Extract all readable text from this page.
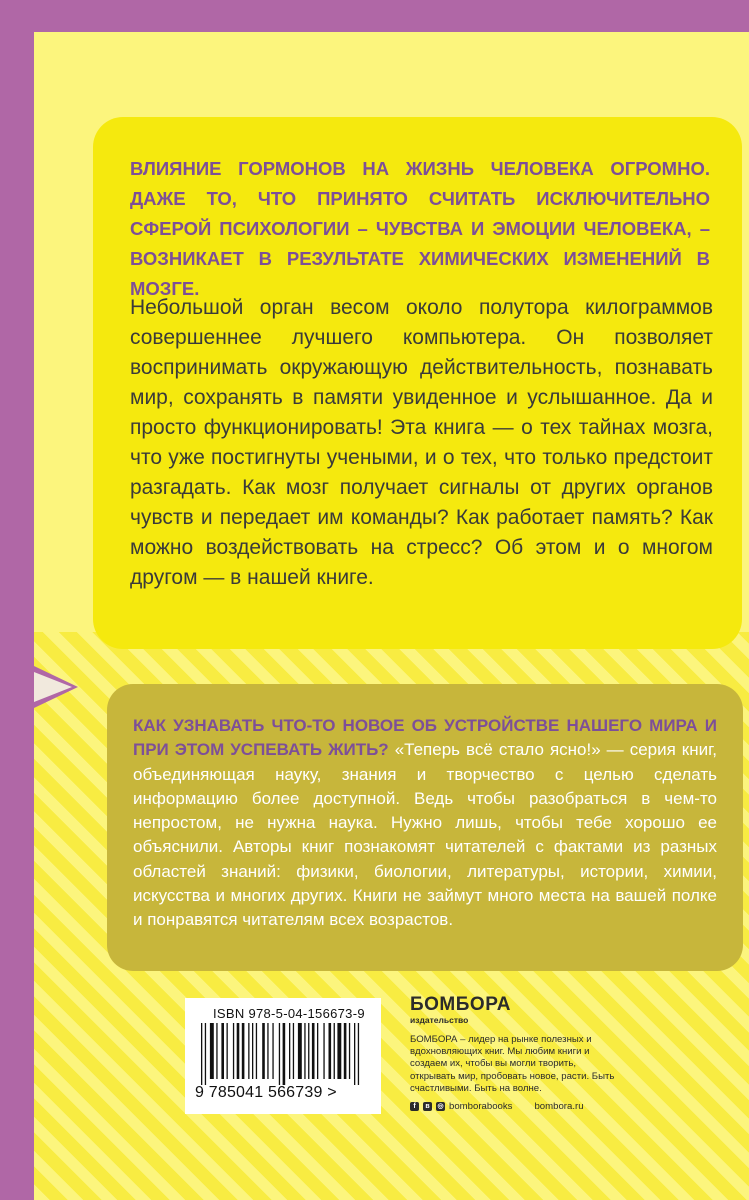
ВЛИЯНИЕ ГОРМОНОВ НА ЖИЗНЬ ЧЕЛОВЕКА ОГРОМНО. ДАЖЕ ТО, ЧТО ПРИНЯТО СЧИТАТЬ ИСКЛЮЧИТЕЛЬНО СФЕРОЙ ПСИХОЛОГИИ – ЧУВСТВА И ЭМОЦИИ ЧЕЛОВЕКА, – ВОЗНИКАЕТ В РЕЗУЛЬТАТЕ ХИМИЧЕСКИХ ИЗМЕНЕНИЙ В МОЗГЕ.

Небольшой орган весом около полутора килограммов совершеннее лучшего компьютера. Он позволяет воспринимать окружающую действительность, познавать мир, сохранять в памяти увиденное и услышанное. Да и просто функционировать! Эта книга — о тех тайнах мозга, что уже постигнуты учеными, и о тех, что только предстоит разгадать. Как мозг получает сигналы от других органов чувств и передает им команды? Как работает память? Как можно воздействовать на стресс? Об этом и о многом другом — в нашей книге.

КАК УЗНАВАТЬ ЧТО-ТО НОВОЕ ОБ УСТРОЙСТВЕ НАШЕГО МИРА И ПРИ ЭТОМ УСПЕВАТЬ ЖИТЬ? «Теперь всё стало ясно!» — серия книг, объединяющая науку, знания и творчество с целью сделать информацию более доступной. Ведь чтобы разобраться в чем-то непростом, не нужна наука. Нужно лишь, чтобы тебе хорошо ее объяснили. Авторы книг познакомят читателей с фактами из разных областей знаний: физики, биологии, литературы, истории, химии, искусства и многих других. Книги не займут много места на вашей полке и понравятся читателям всех возрастов.

ISBN 978-5-04-156673-9
9 785041 566739 >
БОМБОРА
издательство

БОМБОРА – лидер на рынке полезных и вдохновляющих книг. Мы любим книги и создаем их, чтобы вы могли творить, открывать мир, пробовать новое, расти. Быть счастливыми. Быть на волне.

f	в	◎ bomborabooks bombora.ru
